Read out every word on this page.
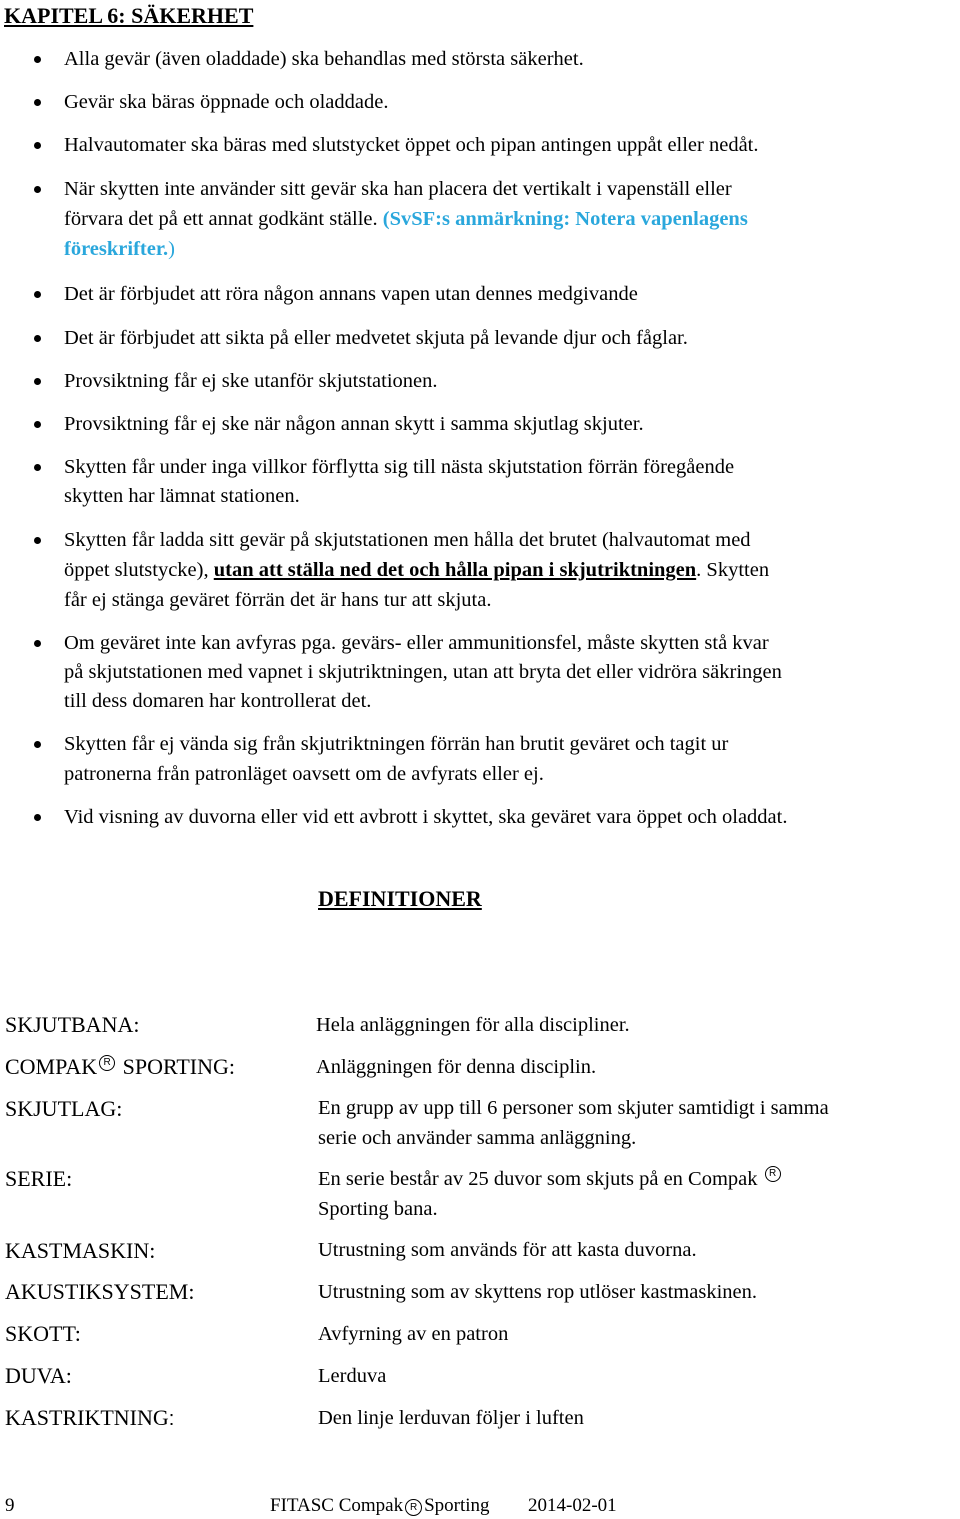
KAPITEL 6: SÄKERHET
Alla gevär (även oladdade) ska behandlas med största säkerhet.
Gevär ska bäras öppnade och oladdade.
Halvautomater ska bäras med slutstycket öppet och pipan antingen uppåt eller nedåt.
När skytten inte använder sitt gevär ska han placera det vertikalt i vapenställ eller
förvara det på ett annat godkänt ställe. (SvSF:s anmärkning: Notera vapenlagens
föreskrifter.)
Det är förbjudet att röra någon annans vapen utan dennes medgivande
Det är förbjudet att sikta på eller medvetet skjuta på levande djur och fåglar.
Provsiktning får ej ske utanför skjutstationen.
Provsiktning får ej ske när någon annan skytt i samma skjutlag skjuter.
Skytten får under inga villkor förflytta sig till nästa skjutstation förrän föregående
skytten har lämnat stationen.
Skytten får ladda sitt gevär på skjutstationen men hålla det brutet (halvautomat med
öppet slutstycke), utan att ställa ned det och hålla pipan i skjutriktningen. Skytten
får ej stänga geväret förrän det är hans tur att skjuta.
Om geväret inte kan avfyras pga. gevärs- eller ammunitionsfel, måste skytten stå kvar
på skjutstationen med vapnet i skjutriktningen, utan att bryta det eller vidröra säkringen
till dess domaren har kontrollerat det.
Skytten får ej vända sig från skjutriktningen förrän han brutit geväret och tagit ur
patronerna från patronläget oavsett om de avfyrats eller ej.
Vid visning av duvorna eller vid ett avbrott i skyttet, ska geväret vara öppet och oladdat.
DEFINITIONER
SKJUTBANA:	Hela anläggningen för alla discipliner.
COMPAK R SPORTING:	Anläggningen för denna disciplin.
SKJUTLAG:	En grupp av upp till 6 personer som skjuter samtidigt i samma
serie och använder samma anläggning.
SERIE:	En serie består av 25 duvor som skjuts på en Compak R
Sporting bana.
KASTMASKIN:	Utrustning som används för att kasta duvorna.
AKUSTIKSYSTEM:	Utrustning som av skyttens rop utlöser kastmaskinen.
SKOTT:	Avfyrning av en patron
DUVA:	Lerduva
KASTRIKTNING:	Den linje lerduvan följer i luften
9	FITASC Compak R Sporting 2014-02-01
